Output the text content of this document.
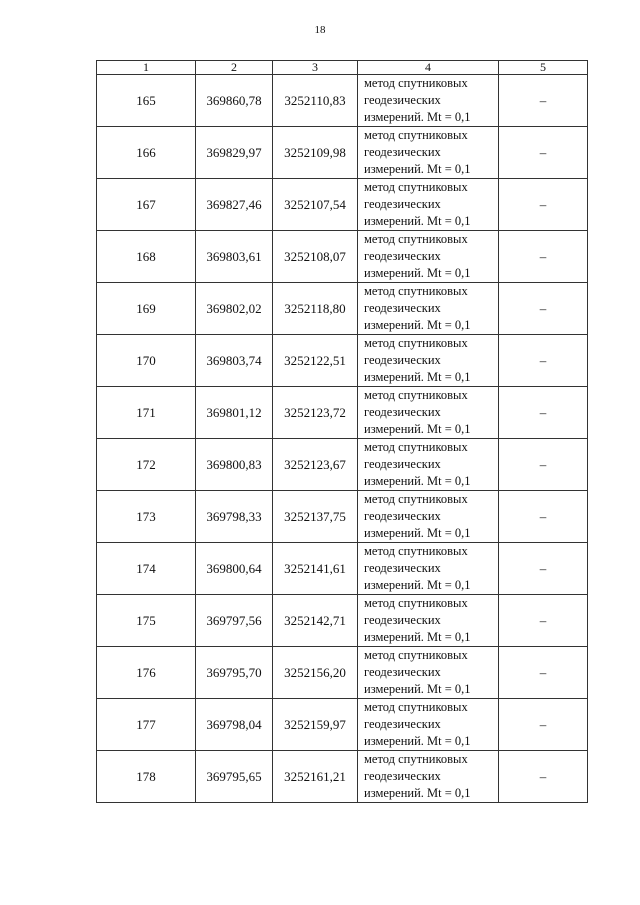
18
1	2	3	4	5
165	369860,78	3252110,83	метод спутниковых
геодезических
измерений. Mt = 0,1	–
166	369829,97	3252109,98	метод спутниковых
геодезических
измерений. Mt = 0,1	–
167	369827,46	3252107,54	метод спутниковых
геодезических
измерений. Mt = 0,1	–
168	369803,61	3252108,07	метод спутниковых
геодезических
измерений. Mt = 0,1	–
169	369802,02	3252118,80	метод спутниковых
геодезических
измерений. Mt = 0,1	–
170	369803,74	3252122,51	метод спутниковых
геодезических
измерений. Mt = 0,1	–
171	369801,12	3252123,72	метод спутниковых
геодезических
измерений. Mt = 0,1	–
172	369800,83	3252123,67	метод спутниковых
геодезических
измерений. Mt = 0,1	–
173	369798,33	3252137,75	метод спутниковых
геодезических
измерений. Mt = 0,1	–
174	369800,64	3252141,61	метод спутниковых
геодезических
измерений. Mt = 0,1	–
175	369797,56	3252142,71	метод спутниковых
геодезических
измерений. Mt = 0,1	–
176	369795,70	3252156,20	метод спутниковых
геодезических
измерений. Mt = 0,1	–
177	369798,04	3252159,97	метод спутниковых
геодезических
измерений. Mt = 0,1	–
178	369795,65	3252161,21	метод спутниковых
геодезических
измерений. Mt = 0,1	–
